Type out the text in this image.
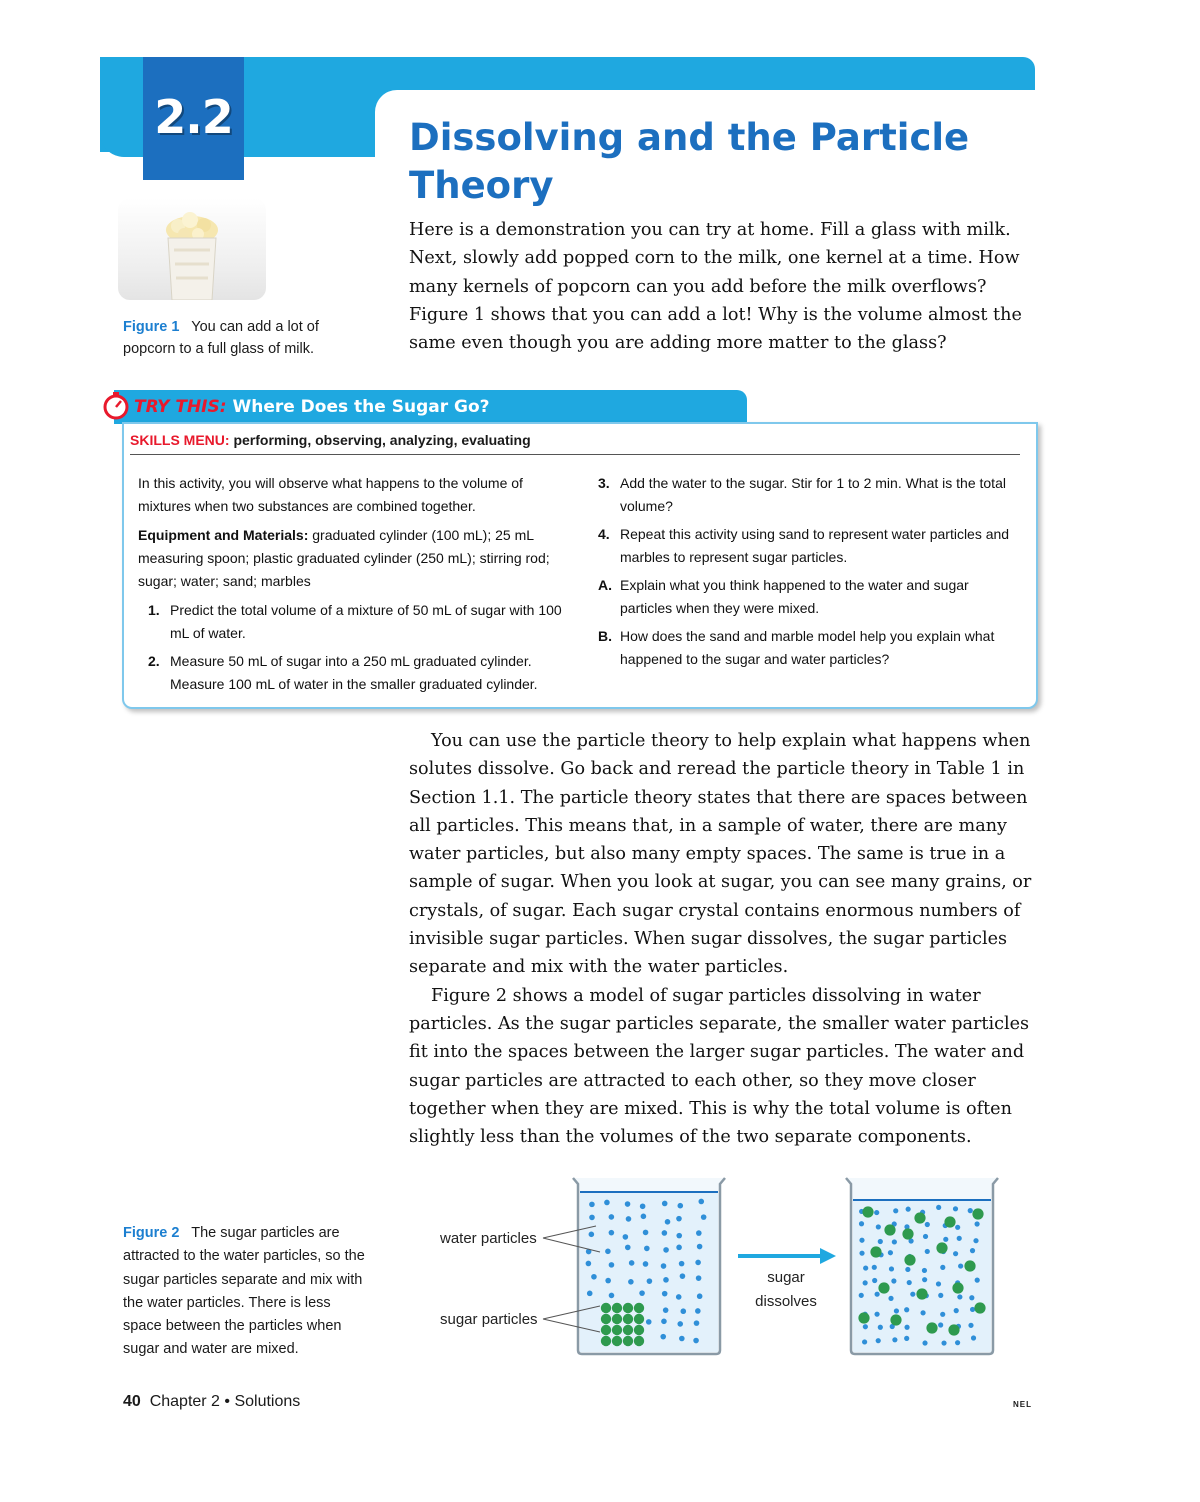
2.2	Dissolving and the Particle Theory
Here is a demonstration you can try at home. Fill a glass with milk. Next, slowly add popped corn to the milk, one kernel at a time. How many kernels of popcorn can you add before the milk overflows? Figure 1 shows that you can add a lot! Why is the volume almost the same even though you are adding more matter to the glass?
Figure 1 You can add a lot of popcorn to a full glass of milk.
TRY THIS: Where Does the Sugar Go?
SKILLS MENU: performing, observing, analyzing, evaluating

In this activity, you will observe what happens to the volume of mixtures when two substances are combined together.

Equipment and Materials: graduated cylinder (100 mL); 25 mL measuring spoon; plastic graduated cylinder (250 mL); stirring rod; sugar; water; sand; marbles

1. Predict the total volume of a mixture of 50 mL of sugar with 100 mL of water.
2. Measure 50 mL of sugar into a 250 mL graduated cylinder. Measure 100 mL of water in the smaller graduated cylinder.
3. Add the water to the sugar. Stir for 1 to 2 min. What is the total volume?
4. Repeat this activity using sand to represent water particles and marbles to represent sugar particles.
A. Explain what you think happened to the water and sugar particles when they were mixed.
B. How does the sand and marble model help you explain what happened to the sugar and water particles?

You can use the particle theory to help explain what happens when solutes dissolve. Go back and reread the particle theory in Table 1 in Section 1.1. The particle theory states that there are spaces between all particles. This means that, in a sample of water, there are many water particles, but also many empty spaces. The same is true in a sample of sugar. When you look at sugar, you can see many grains, or crystals, of sugar. Each sugar crystal contains enormous numbers of invisible sugar particles. When sugar dissolves, the sugar particles separate and mix with the water particles.

Figure 2 shows a model of sugar particles dissolving in water particles. As the sugar particles separate, the smaller water particles fit into the spaces between the larger sugar particles. The water and sugar particles are attracted to each other, so they move closer together when they are mixed. This is why the total volume is often slightly less than the volumes of the two separate components.

Figure 2 The sugar particles are attracted to the water particles, so the sugar particles separate and mix with the water particles. There is less space between the particles when sugar and water are mixed.
sugar
dissolves
water particles
sugar particles
40 Chapter 2 • Solutions	NEL
